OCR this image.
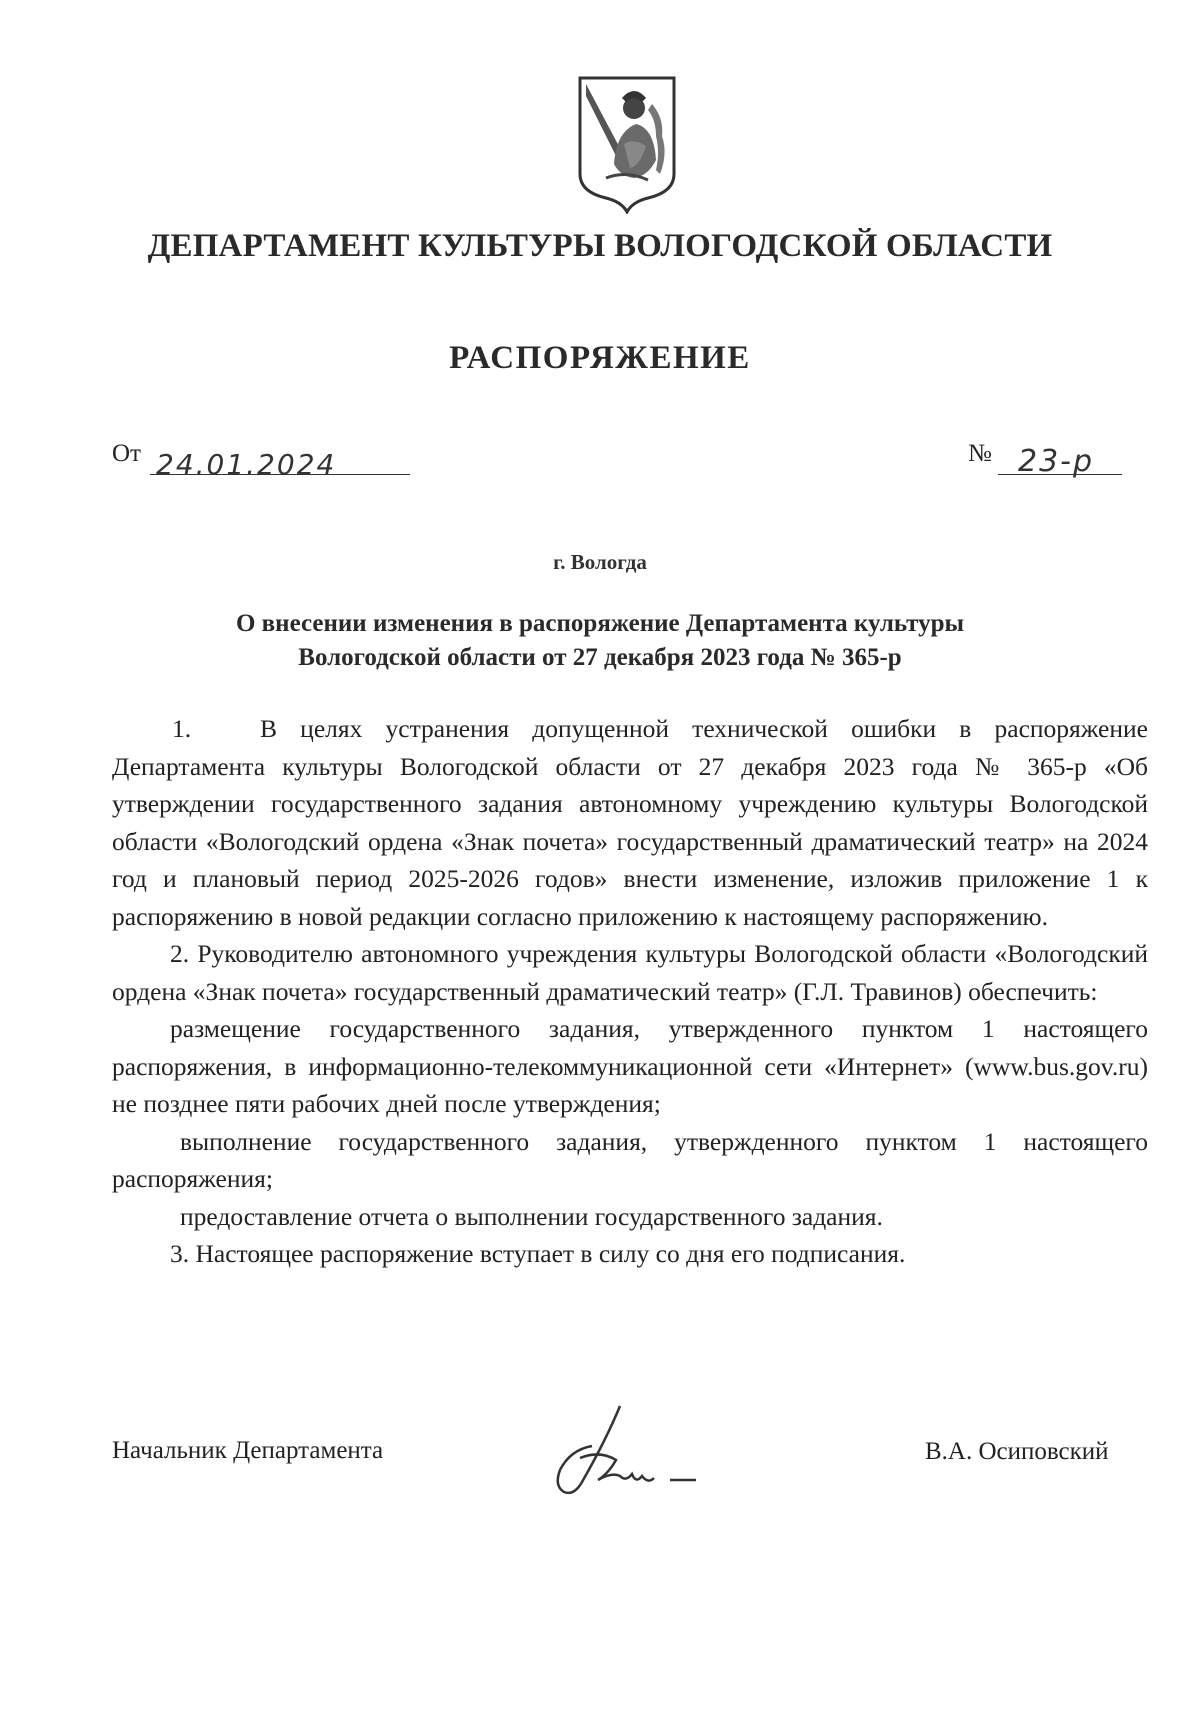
ДЕПАРТАМЕНТ КУЛЬТУРЫ ВОЛОГОДСКОЙ ОБЛАСТИ
РАСПОРЯЖЕНИЕ
От 24.01.2024	№ 23-р
г. Вологда
О внесении изменения в распоряжение Департамента культуры
Вологодской области от 27 декабря 2023 года № 365-р

1.	В целях устранения допущенной технической ошибки в распоряжение Департамента культуры Вологодской области от 27 декабря 2023 года № 365-р «Об утверждении государственного задания автономному учреждению культуры Вологодской области «Вологодский ордена «Знак почета» государственный драматический театр» на 2024 год и плановый период 2025-2026 годов» внести изменение, изложив приложение 1 к распоряжению в новой редакции согласно приложению к настоящему распоряжению.

2. Руководителю автономного учреждения культуры Вологодской области «Вологодский ордена «Знак почета» государственный драматический театр» (Г.Л. Травинов) обеспечить:

размещение государственного задания, утвержденного пунктом 1 настоящего распоряжения, в информационно-телекоммуникационной сети «Интернет» (www.bus.gov.ru) не позднее пяти рабочих дней после утверждения;

выполнение государственного задания, утвержденного пунктом 1 настоящего распоряжения;

предоставление отчета о выполнении государственного задания.

3. Настоящее распоряжение вступает в силу со дня его подписания.

Начальник Департамента	В.А. Осиповский
